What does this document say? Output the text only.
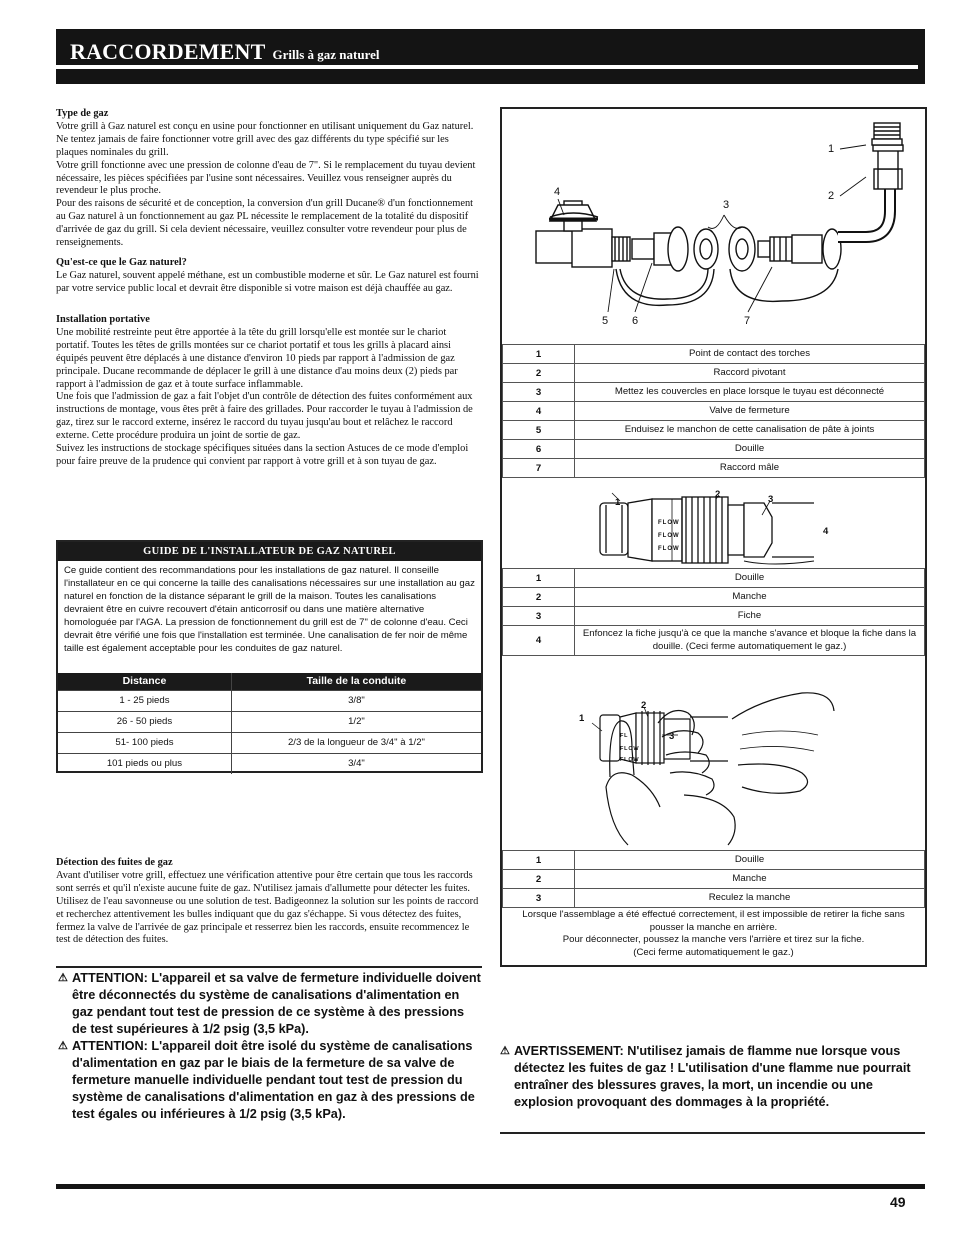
RACCORDEMENT Grills à gaz naturel
Type de gaz

Votre grill à Gaz naturel est conçu en usine pour fonctionner en utilisant uniquement du Gaz naturel. Ne tentez jamais de faire fonctionner votre grill avec des gaz différents du type spécifié sur les plaques nominales du grill.

Votre grill fonctionne avec une pression de colonne d'eau de 7". Si le remplacement du tuyau devient nécessaire, les pièces spécifiées par l'usine sont nécessaires. Veuillez vous renseigner auprès du revendeur le plus proche.

Pour des raisons de sécurité et de conception, la conversion d'un grill Ducane® d'un fonctionnement au Gaz naturel à un fonctionnement au gaz PL nécessite le remplacement de la totalité du dispositif d'arrivée de gaz du grill. Si cela devient nécessaire, veuillez consulter votre revendeur pour plus de renseignements.

Qu'est-ce que le Gaz naturel?

Le Gaz naturel, souvent appelé méthane, est un combustible moderne et sûr. Le Gaz naturel est fourni par votre service public local et devrait être disponible si votre maison est déjà chauffée au gaz.

Installation portative

Une mobilité restreinte peut être apportée à la tête du grill lorsqu'elle est montée sur le chariot portatif. Toutes les têtes de grills montées sur ce chariot portatif et tous les grills à placard ainsi équipés peuvent être déplacés à une distance d'environ 10 pieds par rapport à l'admission de gaz principale. Ducane recommande de déplacer le grill à une distance d'au moins deux (2) pieds par rapport à l'admission de gaz et à toute surface inflammable.

Une fois que l'admission de gaz a fait l'objet d'un contrôle de détection des fuites conformément aux instructions de montage, vous êtes prêt à faire des grillades. Pour raccorder le tuyau à l'admission de gaz, tirez sur le raccord externe, insérez le raccord du tuyau jusqu'au bout et relâchez le raccord externe. Cette procédure produira un joint de sortie de gaz.

Suivez les instructions de stockage spécifiques situées dans la section Astuces de ce mode d'emploi pour faire preuve de la prudence qui convient par rapport à votre grill et à son tuyau de gaz.

GUIDE DE L'INSTALLATEUR DE GAZ NATUREL
Ce guide contient des recommandations pour les installations de gaz naturel. Il conseille l'installateur en ce qui concerne la taille des canalisations nécessaires sur une installation au gaz naturel en fonction de la distance séparant le grill de la maison. Toutes les canalisations devraient être en cuivre recouvert d'étain anticorrosif ou dans une matière alternative homologuée par l'AGA. La pression de fonctionnement du grill est de 7" de colonne d'eau. Ceci devrait être vérifié une fois que l'installation est terminée. Une canalisation de fer noir de même taille est également acceptable pour les conduites de gaz naturel.
Distance	Taille de la conduite
1 - 25 pieds	3/8"
26 - 50 pieds	1/2"
51- 100 pieds	2/3 de la longueur de 3/4" à 1/2"
101 pieds ou plus	3/4"
Détection des fuites de gaz

Avant d'utiliser votre grill, effectuez une vérification attentive pour être certain que tous les raccords sont serrés et qu'il n'existe aucune fuite de gaz. N'utilisez jamais d'allumette pour détecter les fuites. Utilisez de l'eau savonneuse ou une solution de test. Badigeonnez la solution sur les points de raccord et recherchez attentivement les bulles indiquant que du gaz s'échappe. Si vous détectez des fuites, fermez la valve de l'arrivée de gaz principale et resserrez bien les raccords, ensuite recommencez le test de détection des fuites.

⚠ ATTENTION: L'appareil et sa valve de fermeture individuelle doivent être déconnectés du système de canalisations d'alimentation en gaz pendant tout test de pression de ce système à des pressions de test supérieures à 1/2 psig (3,5 kPa).
⚠ ATTENTION: L'appareil doit être isolé du système de canalisations d'alimentation en gaz par le biais de la fermeture de sa valve de fermeture manuelle individuelle pendant tout test de pression du système de canalisations d'alimentation en gaz à des pressions de test égales ou inférieures à 1/2 psig (3,5 kPa).
1
2
3
4
5 6	7
1	Point de contact des torches
2	Raccord pivotant
3	Mettez les couvercles en place lorsque le tuyau est déconnecté
4	Valve de fermeture
5	Enduisez le manchon de cette canalisation de pâte à joints
6	Douille
7	Raccord mâle
FLOW
FLOW
FLOW
1
2	3
4
1	Douille
2	Manche
3	Fiche
4	Enfoncez la fiche jusqu'à ce que la manche s'avance et bloque la fiche dans la douille. (Ceci ferme automatiquement le gaz.)
FL
FLOW
FLOW
1
2
3
1	Douille
2	Manche
3	Reculez la manche
Lorsque l'assemblage a été effectué correctement, il est impossible de retirer la fiche sans pousser la manche en arrière.
Pour déconnecter, poussez la manche vers l'arrière et tirez sur la fiche.
(Ceci ferme automatiquement le gaz.)
⚠ AVERTISSEMENT: N'utilisez jamais de flamme nue lorsque vous détectez les fuites de gaz ! L'utilisation d'une flamme nue pourrait entraîner des blessures graves, la mort, un incendie ou une explosion provoquant des dommages à la propriété.
49
